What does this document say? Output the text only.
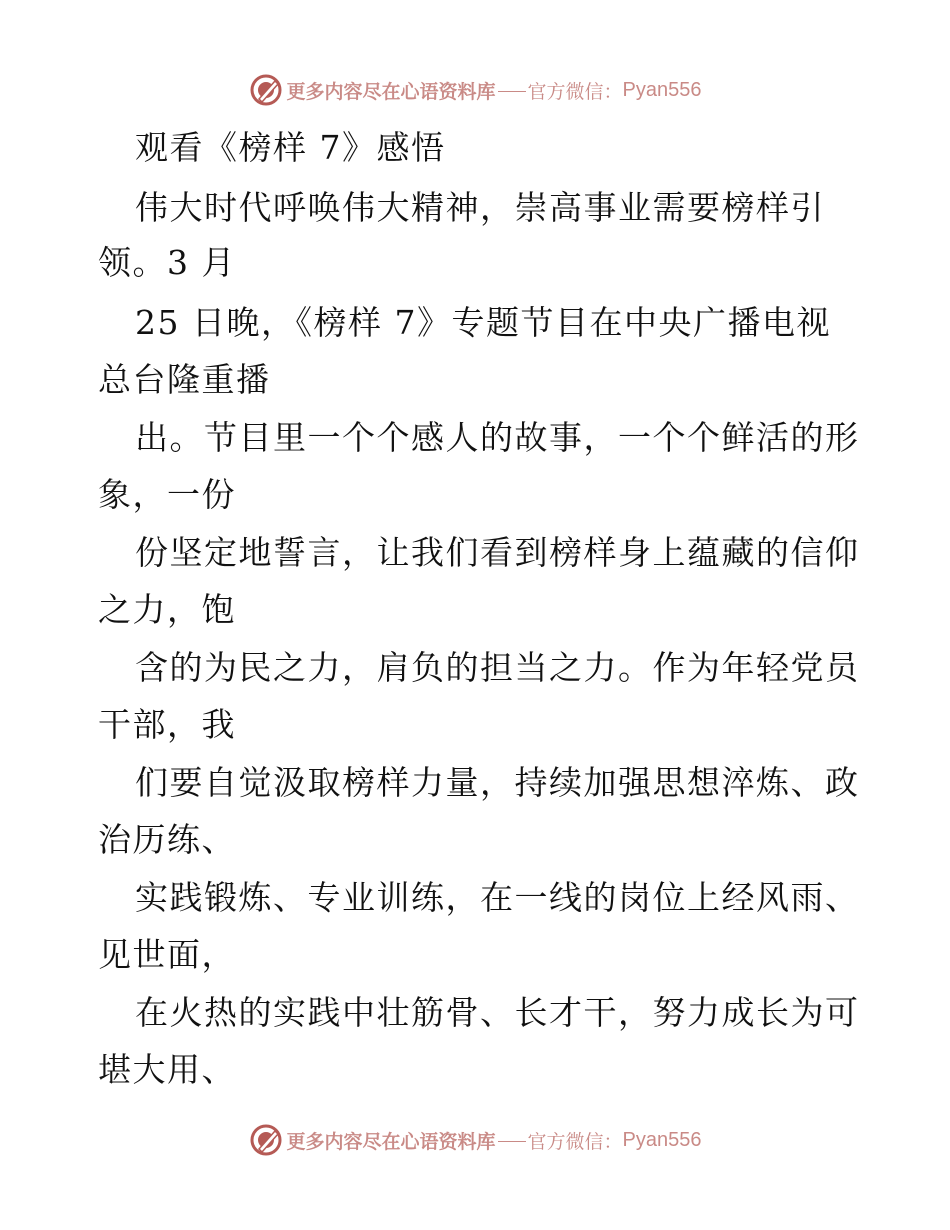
更多内容尽在心语资料库 官方微信： Pyan556
观看《榜样 7》感悟
伟大时代呼唤伟大精神，崇高事业需要榜样引
领。3 月
25 日晚，《榜样 7》专题节目在中央广播电视
总台隆重播
出。节目里一个个感人的故事，一个个鲜活的形
象，一份
份坚定地誓言，让我们看到榜样身上蕴藏的信仰
之力，饱
含的为民之力，肩负的担当之力。作为年轻党员
干部，我
们要自觉汲取榜样力量，持续加强思想淬炼、政
治历练、
实践锻炼、专业训练，在一线的岗位上经风雨、
见世面，
在火热的实践中壮筋骨、长才干，努力成长为可
堪大用、
更多内容尽在心语资料库 官方微信： Pyan556
